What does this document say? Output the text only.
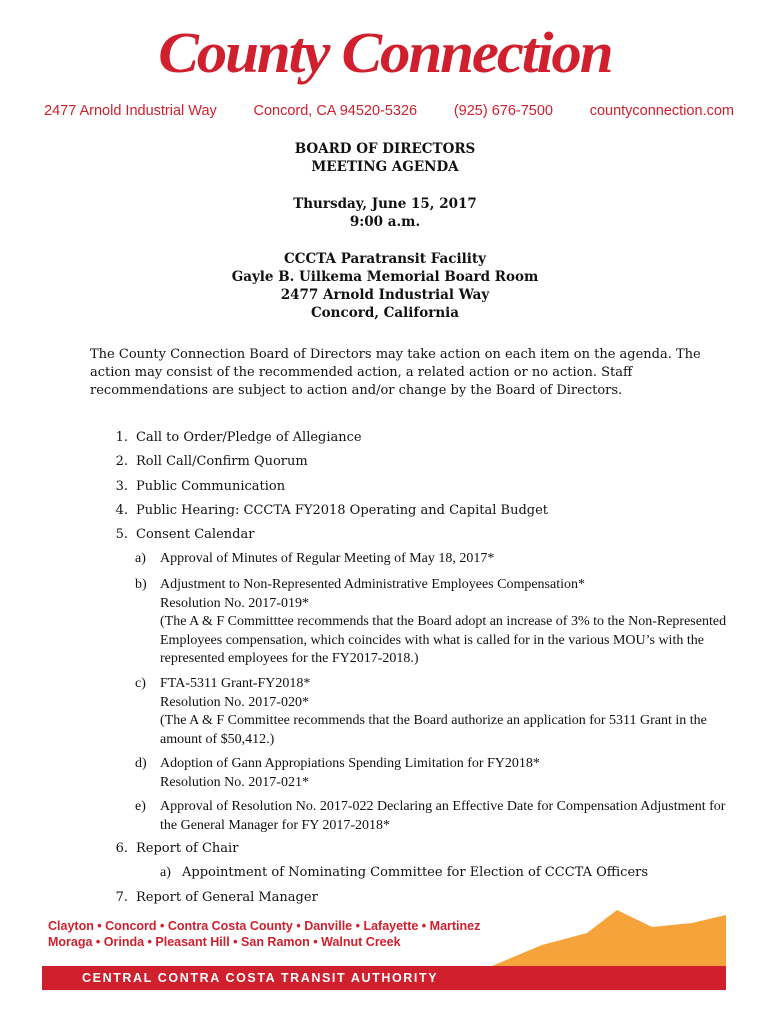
County Connection
2477 Arnold Industrial Way	Concord, CA 94520-5326	(925) 676-7500	countyconnection.com
BOARD OF DIRECTORS
MEETING AGENDA
Thursday, June 15, 2017
9:00 a.m.
CCCTA Paratransit Facility
Gayle B. Uilkema Memorial Board Room
2477 Arnold Industrial Way
Concord, California
The County Connection Board of Directors may take action on each item on the agenda. The action may consist of the recommended action, a related action or no action. Staff recommendations are subject to action and/or change by the Board of Directors.
1. Call to Order/Pledge of Allegiance
2. Roll Call/Confirm Quorum
3. Public Communication
4. Public Hearing: CCCTA FY2018 Operating and Capital Budget
5. Consent Calendar
a)	Approval of Minutes of Regular Meeting of May 18, 2017*
b) Adjustment to Non-Represented Administrative Employees Compensation*
Resolution No. 2017-019*
(The A & F Committtee recommends that the Board adopt an increase of 3% to the Non-Represented Employees compensation, which coincides with what is called for in the various MOU’s with the represented employees for the FY2017-2018.)
c)	FTA-5311 Grant-FY2018*
Resolution No. 2017-020*
(The A & F Committee recommends that the Board authorize an application for 5311 Grant in the amount of $50,412.)
d) Adoption of Gann Appropiations Spending Limitation for FY2018*
Resolution No. 2017-021*
e)	Approval of Resolution No. 2017-022 Declaring an Effective Date for Compensation Adjustment for the General Manager for FY 2017-2018*
6. Report of Chair
a) Appointment of Nominating Committee for Election of CCCTA Officers
7. Report of General Manager
Clayton • Concord • Contra Costa County • Danville • Lafayette • Martinez
Moraga • Orinda • Pleasant Hill • San Ramon • Walnut Creek
CENTRAL CONTRA COSTA TRANSIT AUTHORITY
